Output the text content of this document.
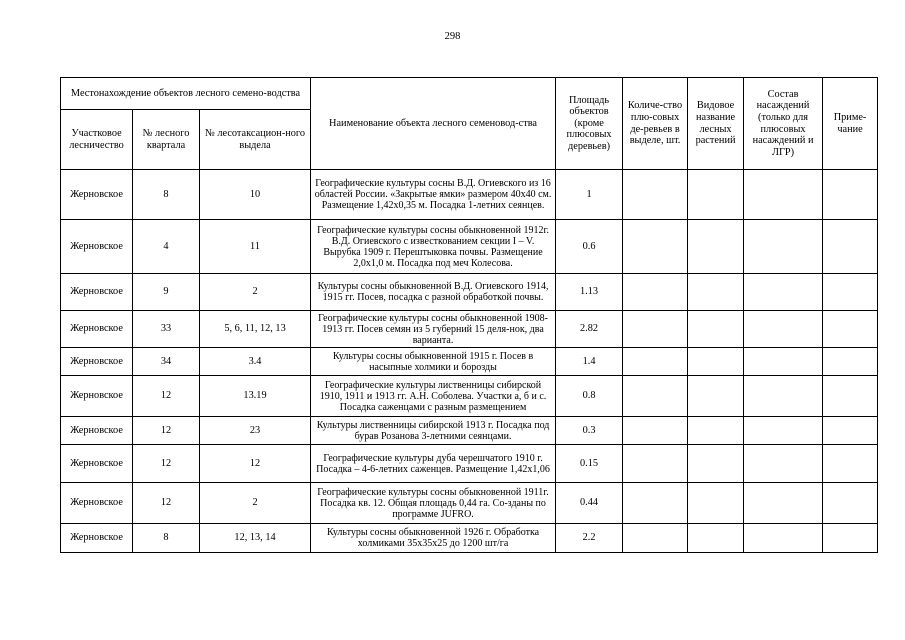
298
Местонахождение объектов лесного семено-водства			Наименование объекта лесного семеновод-ства	Площадь объектов (кроме плюсовых деревьев)	Количе-ство плю-совых де-ревьев в выделе, шт.	Видовое название лесных растений	Состав насаждений (только для плюсовых насаждений и ЛГР)	Приме-чание
Участковое лесничество	№ лесного квартала	№ лесотаксацион-ного выдела						
Жерновское	8	10	Географические культуры сосны В.Д. Огиевского из 16 областей России. «Закрытые ямки» размером 40х40 см. Размещение 1,42х0,35 м. Посадка 1-летних сеянцев.	1				
Жерновское	4	11	Географические культуры сосны обыкновенной 1912г. В.Д. Огиевского с известкованием секции I – V. Вырубка 1909 г. Перештыковка почвы. Размещение 2,0х1,0 м. Посадка под меч Колесова.	0.6				
Жерновское	9	2	Культуры сосны обыкновенной В.Д. Огиевского 1914, 1915 гг. Посев, посадка с разной обработкой почвы.	1.13				
Жерновское	33	5, 6, 11, 12, 13	Географические культуры сосны обыкновенной 1908-1913 гг. Посев семян из 5 губерний 15 деля-нок, два варианта.	2.82				
Жерновское	34	3.4	Культуры сосны обыкновенной 1915 г. Посев в насыпные холмики и борозды	1.4				
Жерновское	12	13.19	Географические культуры лиственницы сибирской 1910, 1911 и 1913 гг. А.Н. Соболева. Участки а, б и с. Посадка саженцами с разным размещением	0.8				
Жерновское	12	23	Культуры лиственницы сибирской 1913 г. Посадка под бурав Розанова 3-летними сеянцами.	0.3				
Жерновское	12	12	Географические культуры дуба черешчатого 1910 г. Посадка – 4-6-летних саженцев. Размещение 1,42х1,06	0.15				
Жерновское	12	2	Географические культуры сосны обыкновенной 1911г. Посадка кв. 12. Общая площадь 0,44 га. Со-зданы по программе JUFRO.	0.44				
Жерновское	8	12, 13, 14	Культуры сосны обыкновенной 1926 г. Обработка холмиками 35х35х25 до 1200 шт/га	2.2				
